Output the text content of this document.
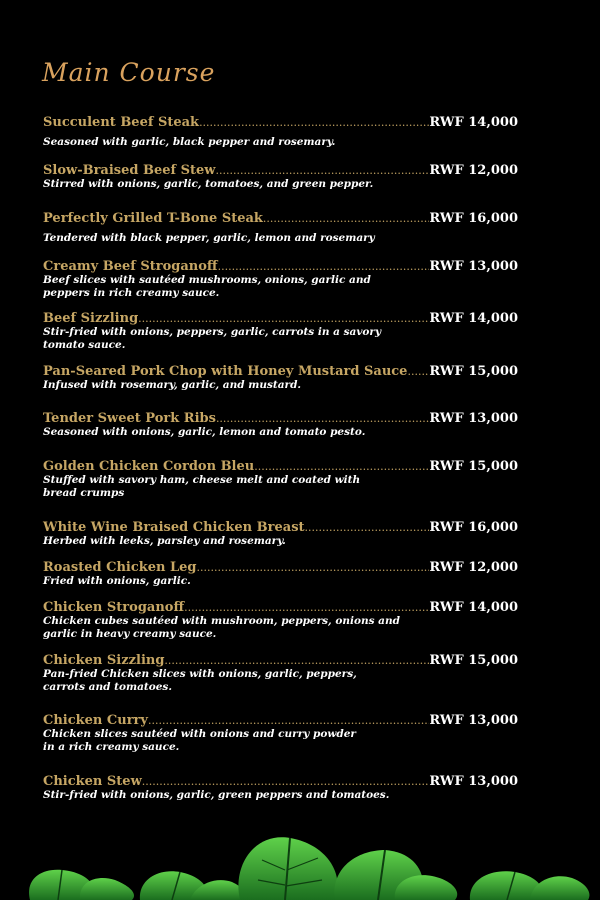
Main Course
Succulent Beef Steak .....	RWF 14,000
Seasoned with garlic, black pepper and rosemary.
Slow-Braised Beef Stew .....	RWF 12,000
Stirred with onions, garlic, tomatoes, and green pepper.
Perfectly Grilled T-Bone Steak .....	RWF 16,000
Tendered with black pepper, garlic, lemon and rosemary
Creamy Beef Stroganoff .....	RWF 13,000
Beef slices with sautéed mushrooms, onions, garlic and
peppers in rich creamy sauce.
Beef Sizzling .....	RWF 14,000
Stir-fried with onions, peppers, garlic, carrots in a savory
tomato sauce.
Pan-Seared Pork Chop with Honey Mustard Sauce ..... RWF 15,000
Infused with rosemary, garlic, and mustard.
Tender Sweet Pork Ribs .....	RWF 13,000
Seasoned with onions, garlic, lemon and tomato pesto.
Golden Chicken Cordon Bleu .....	RWF 15,000
Stuffed with savory ham, cheese melt and coated with
bread crumps
White Wine Braised Chicken Breast .....	RWF 16,000
Herbed with leeks, parsley and rosemary.
Roasted Chicken Leg .....	RWF 12,000
Fried with onions, garlic.
Chicken Stroganoff .....	RWF 14,000
Chicken cubes sautéed with mushroom, peppers, onions and
garlic in heavy creamy sauce.
Chicken Sizzling .....	RWF 15,000
Pan-fried Chicken slices with onions, garlic, peppers,
carrots and tomatoes.
Chicken Curry .....	RWF 13,000
Chicken slices sautéed with onions and curry powder
in a rich creamy sauce.
Chicken Stew .....	RWF 13,000
Stir-fried with onions, garlic, green peppers and tomatoes.
